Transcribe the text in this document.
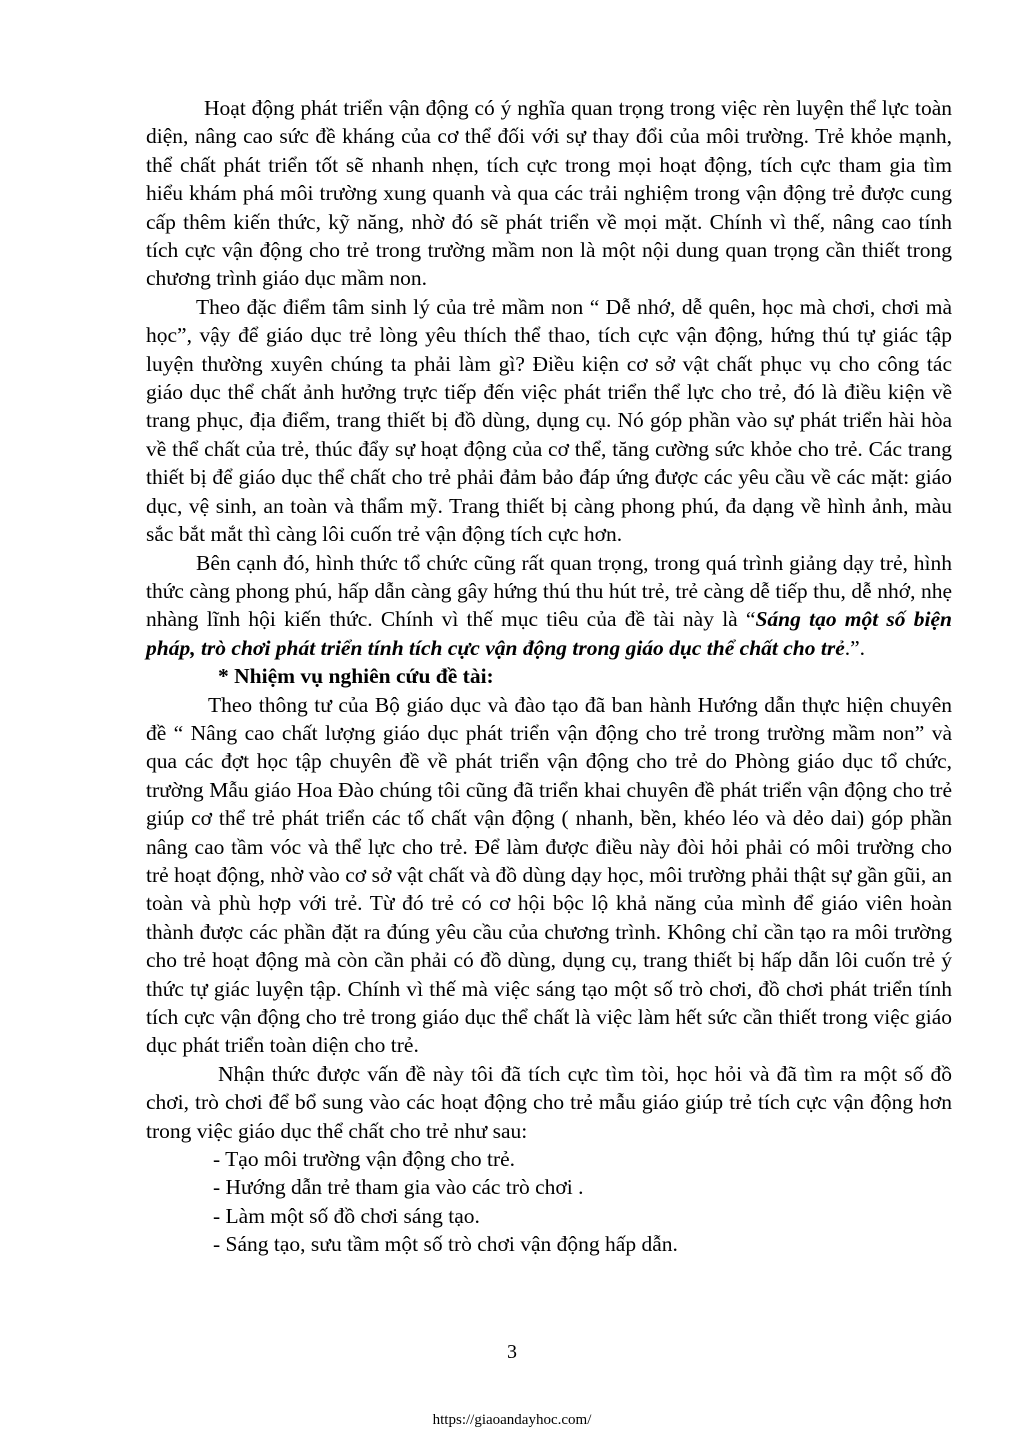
Hoạt động phát triển vận động có ý nghĩa quan trọng trong việc rèn luyện thể lực toàn diện, nâng cao sức đề kháng của cơ thể đối với sự thay đổi của môi trường. Trẻ khỏe mạnh, thể chất phát triển tốt sẽ nhanh nhẹn, tích cực trong mọi hoạt động, tích cực tham gia tìm hiểu khám phá môi trường xung quanh và qua các trải nghiệm trong vận động trẻ được cung cấp thêm kiến thức, kỹ năng, nhờ đó sẽ phát triển về mọi mặt. Chính vì thế, nâng cao tính tích cực vận động cho trẻ trong trường mầm non là một nội dung quan trọng cần thiết trong chương trình giáo dục mầm non.

Theo đặc điểm tâm sinh lý của trẻ mầm non “ Dễ nhớ, dễ quên, học mà chơi, chơi mà học”, vậy để giáo dục trẻ lòng yêu thích thể thao, tích cực vận động, hứng thú tự giác tập luyện thường xuyên chúng ta phải làm gì? Điều kiện cơ sở vật chất phục vụ cho công tác giáo dục thể chất ảnh hưởng trực tiếp đến việc phát triển thể lực cho trẻ, đó là điều kiện về trang phục, địa điểm, trang thiết bị đồ dùng, dụng cụ. Nó góp phần vào sự phát triển hài hòa về thể chất của trẻ, thúc đẩy sự hoạt động của cơ thể, tăng cường sức khỏe cho trẻ. Các trang thiết bị để giáo dục thể chất cho trẻ phải đảm bảo đáp ứng được các yêu cầu về các mặt: giáo dục, vệ sinh, an toàn và thẩm mỹ. Trang thiết bị càng phong phú, đa dạng về hình ảnh, màu sắc bắt mắt thì càng lôi cuốn trẻ vận động tích cực hơn.

Bên cạnh đó, hình thức tổ chức cũng rất quan trọng, trong quá trình giảng dạy trẻ, hình thức càng phong phú, hấp dẫn càng gây hứng thú thu hút trẻ, trẻ càng dễ tiếp thu, dễ nhớ, nhẹ nhàng lĩnh hội kiến thức. Chính vì thế mục tiêu của đề tài này là “Sáng tạo một số biện pháp, trò chơi phát triển tính tích cực vận động trong giáo dục thể chất cho trẻ.”.

* Nhiệm vụ nghiên cứu đề tài:

Theo thông tư của Bộ giáo dục và đào tạo đã ban hành Hướng dẫn thực hiện chuyên đề “ Nâng cao chất lượng giáo dục phát triển vận động cho trẻ trong trường mầm non” và qua các đợt học tập chuyên đề về phát triển vận động cho trẻ do Phòng giáo dục tổ chức, trường Mẫu giáo Hoa Đào chúng tôi cũng đã triển khai chuyên đề phát triển vận động cho trẻ giúp cơ thể trẻ phát triển các tố chất vận động ( nhanh, bền, khéo léo và dẻo dai) góp phần nâng cao tầm vóc và thể lực cho trẻ. Để làm được điều này đòi hỏi phải có môi trường cho trẻ hoạt động, nhờ vào cơ sở vật chất và đồ dùng dạy học, môi trường phải thật sự gần gũi, an toàn và phù hợp với trẻ. Từ đó trẻ có cơ hội bộc lộ khả năng của mình để giáo viên hoàn thành được các phần đặt ra đúng yêu cầu của chương trình. Không chỉ cần tạo ra môi trường cho trẻ hoạt động mà còn cần phải có đồ dùng, dụng cụ, trang thiết bị hấp dẫn lôi cuốn trẻ ý thức tự giác luyện tập. Chính vì thế mà việc sáng tạo một số trò chơi, đồ chơi phát triển tính tích cực vận động cho trẻ trong giáo dục thể chất là việc làm hết sức cần thiết trong việc giáo dục phát triển toàn diện cho trẻ.

Nhận thức được vấn đề này tôi đã tích cực tìm tòi, học hỏi và đã tìm ra một số đồ chơi, trò chơi để bổ sung vào các hoạt động cho trẻ mẫu giáo giúp trẻ tích cực vận động hơn trong việc giáo dục thể chất cho trẻ như sau:

- Tạo môi trường vận động cho trẻ.
- Hướng dẫn trẻ tham gia vào các trò chơi .
- Làm một số đồ chơi sáng tạo.
- Sáng tạo, sưu tầm một số trò chơi vận động hấp dẫn.
3
https://giaoandayhoc.com/
